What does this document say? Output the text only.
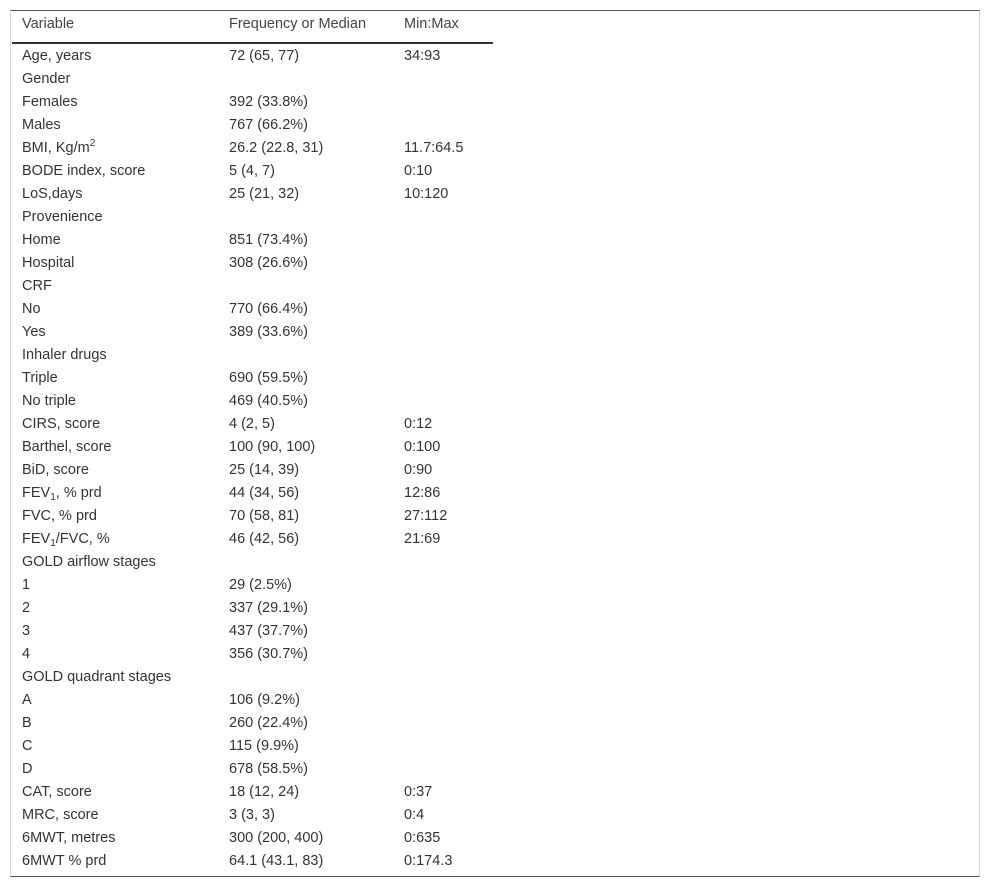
Variable	Frequency or Median	Min:Max
Age, years	72 (65, 77)	34:93
Gender		
Females	392 (33.8%)	
Males	767 (66.2%)	
BMI, $Kg/m^2$	26.2 (22.8, 31)	11.7:64.5
BODE index, score	5 (4, 7)	0:10
LoS,days	25 (21, 32)	10:120
Provenience		
Home	851 (73.4%)	
Hospital	308 (26.6%)	
CRF		
No	770 (66.4%)	
Yes	389 (33.6%)	
Inhaler drugs		
Triple	690 (59.5%)	
No triple	469 (40.5%)	
CIRS, score	4 (2, 5)	0:12
Barthel, score	100 (90, 100)	0:100
BiD, score	25 (14, 39)	0:90
$FEV_1$, % prd	44 (34, 56)	12:86
FVC, % prd	70 (58, 81)	27:112
$FEV_1$/FVC, %	46 (42, 56)	21:69
GOLD airflow stages		
1	29 (2.5%)	
2	337 (29.1%)	
3	437 (37.7%)	
4	356 (30.7%)	
GOLD quadrant stages		
A	106 (9.2%)	
B	260 (22.4%)	
C	115 (9.9%)	
D	678 (58.5%)	
CAT, score	18 (12, 24)	0:37
MRC, score	3 (3, 3)	0:4
6MWT, metres	300 (200, 400)	0:635
6MWT % prd	64.1 (43.1, 83)	0:174.3
